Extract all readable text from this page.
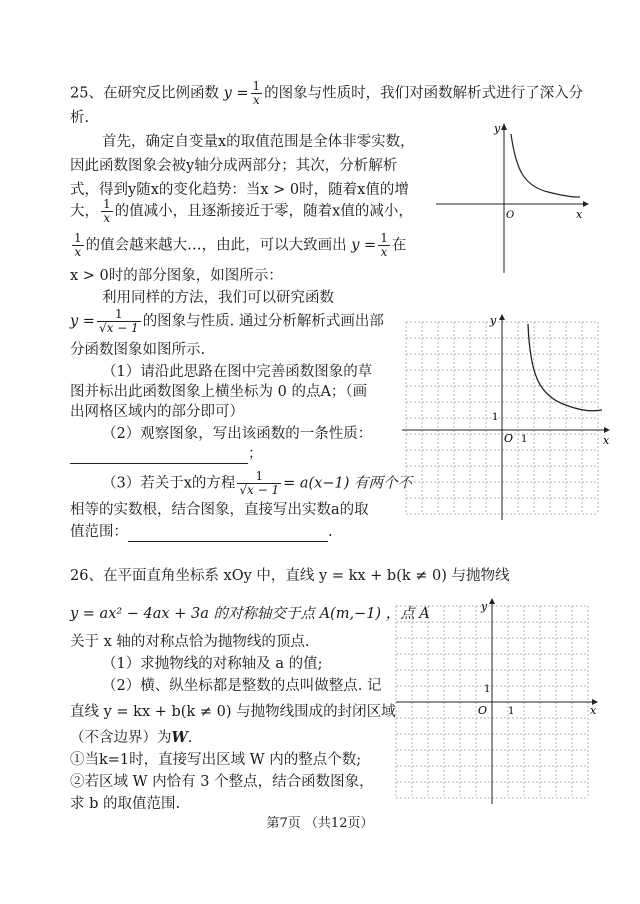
25、在研究反比例函数 $y = \frac{1}{x}$ 的图象与性质时，我们对函数解析式进行了深入分
析.
首先，确定自变量x的取值范围是全体非零实数，
因此函数图象会被y轴分成两部分；其次，分析解析
式，得到y随x的变化趋势：当x > 0时，随着x值的增
大， $\frac{1}{x}$ 的值减小，且逐渐接近于零，随着x值的减小，
$\frac{1}{x}$ 的值会越来越大…，由此，可以大致画出 $y = \frac{1}{x}$ 在
x > 0时的部分图象，如图所示：
利用同样的方法，我们可以研究函数
$y = \frac{1}{√x - 1}$ 的图象与性质. 通过分析解析式画出部
分函数图象如图所示.
（1）请沿此思路在图中完善函数图象的草
图并标出此函数图象上横坐标为 0 的点A；（画
出网格区域内的部分即可）
（2）观察图象，写出该函数的一条性质：
；
（3）若关于x的方程 $\frac{1}{√x - 1} = a(x-1)$ 有两个不
相等的实数根，结合图象，直接写出实数a的取
值范围：	.
y
x
O
y
x
O 1
1
26、在平面直角坐标系 xOy 中，直线 y = kx + b(k ≠ 0) 与抛物线
y = ax² − 4ax + 3a 的对称轴交于点 A(m,−1) ，点 A
关于 x 轴的对称点恰为抛物线的顶点.
（1）求抛物线的对称轴及 a 的值;
（2）横、纵坐标都是整数的点叫做整点. 记
直线 y = kx + b(k ≠ 0) 与抛物线围成的封闭区域
（不含边界）为W.
①当k=1时，直接写出区域 W 内的整点个数;
②若区域 W 内恰有 3 个整点，结合函数图象，
求 b 的取值范围.
y
x
O 1
1
第7页 （共12页）
